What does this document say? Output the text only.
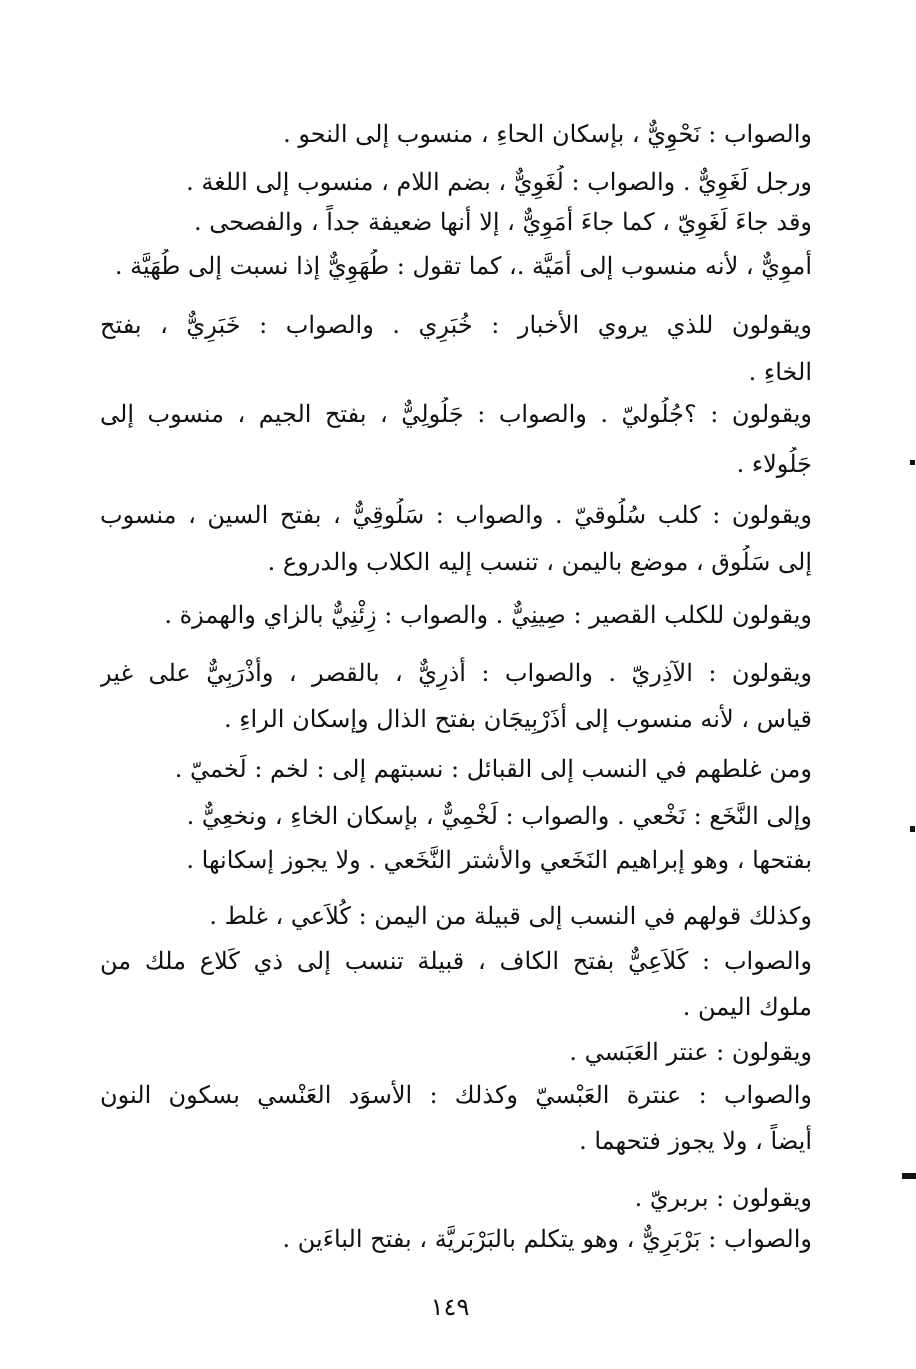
والصواب : نَحْوِيٌّ ، بإسكان الحاءِ ، منسوب إلى النحو .
ورجل لَغَوِيٌّ . والصواب : لُغَوِيٌّ ، بضم اللام ، منسوب إلى اللغة .
وقد جاءَ لَغَوِيّ ، كما جاءَ أَمَوِيٌّ ، إلا أنها ضعيفة جداً ، والفصحى .
أُموِيٌّ ، لأنه منسوب إلى أُمَيَّة .، كما تقول : طُهَوِيٌّ إذا نسبت إلى طُهَيَّة .
ويقولون للذي يروي الأخبار : خُبَرِي . والصواب : خَبَرِيٌّ ، بفتح
الخاءِ .
ويقولون : ؟جُلُوليّ . والصواب : جَلُولِيٌّ ، بفتح الجيم ، منسوب إلى
جَلُولاء .
ويقولون : كلب سُلُوقيّ . والصواب : سَلُوقِيٌّ ، بفتح السين ، منسوب
إلى سَلُوق ، موضع باليمن ، تنسب إليه الكلاب والدروع .
ويقولون للكلب القصير : صِينِيٌّ . والصواب : زِئْنِيٌّ بالزاي والهمزة .
ويقولون : الآذِريّ . والصواب : أَذرِيٌّ ، بالقصر ، وأَذْرَبِيٌّ على غير
قياس ، لأنه منسوب إلى أَذَرْبِيجَان بفتح الذال وإسكان الراءِ .
ومن غلطهم في النسب إلى القبائل : نسبتهم إلى : لخم : لَخميّ .
وإلى النَّخَع : نَخْعي . والصواب : لَخْمِيٌّ ، بإسكان الخاءِ ، ونخعِيٌّ .
بفتحها ، وهو إبراهيم النَخَعي والأشتر النَّخَعي . ولا يجوز إسكانها .
وكذلك قولهم في النسب إلى قبيلة من اليمن : كُلاَعي ، غلط .
والصواب : كَلاَعِيٌّ بفتح الكاف ، قبيلة تنسب إلى ذي كَلاع ملك من
ملوك اليمن .
ويقولون : عنتر العَبَسي .
والصواب : عنترة العَبْسيّ وكذلك : الأسوَد العَنْسي بسكون النون
أيضاً ، ولا يجوز فتحهما .
ويقولون : بربريّ .
والصواب : بَرْبَرِيٌّ ، وهو يتكلم بالبَرْبَريَّة ، بفتح الباءَين .
١٤٩
